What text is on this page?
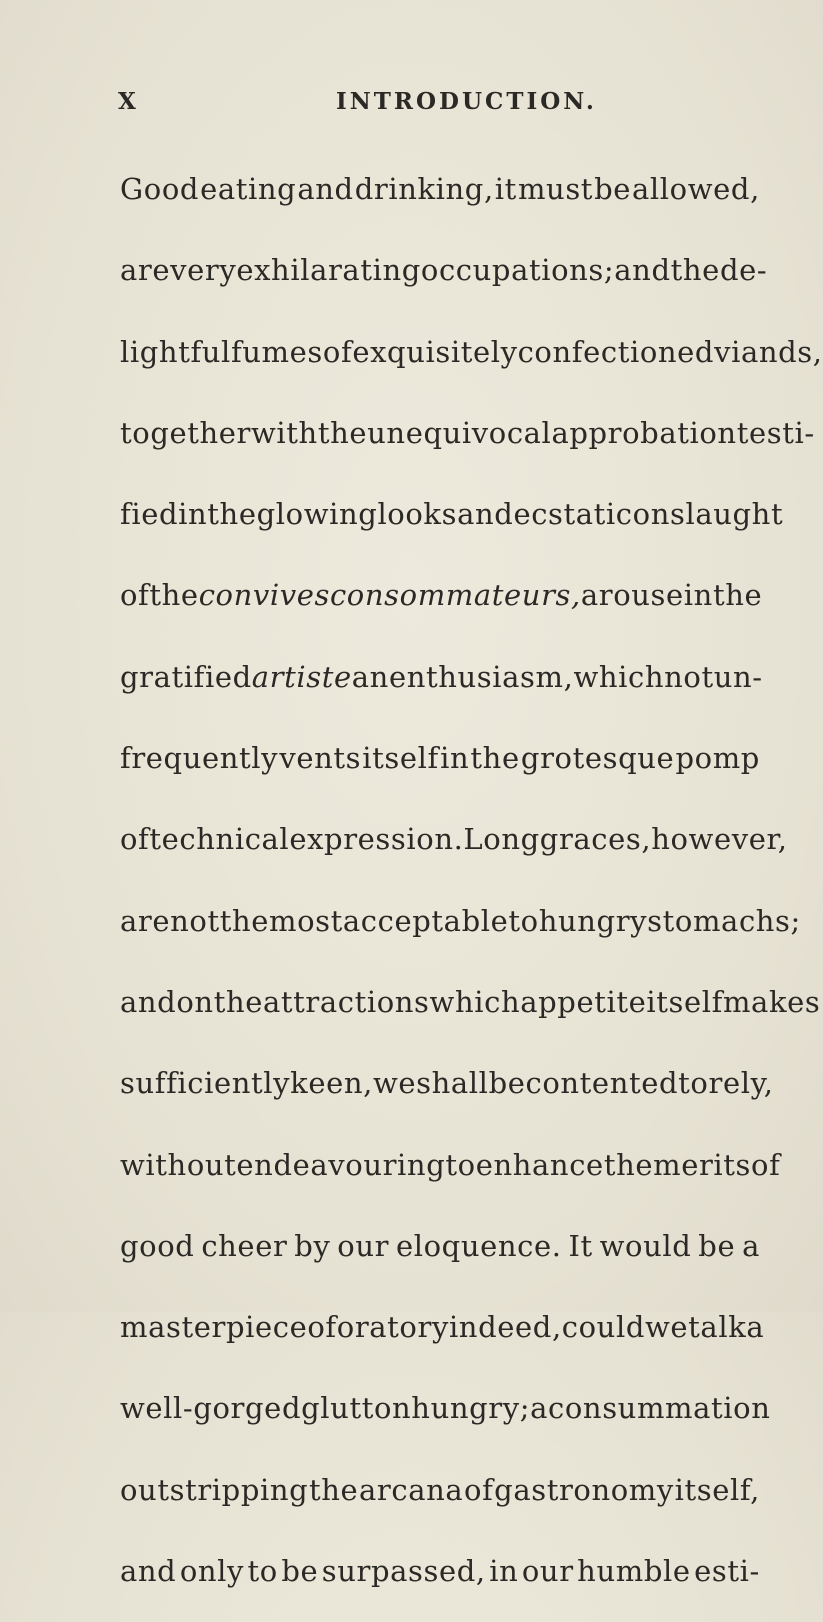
X	INTRODUCTION.
Good eating and drinking, it must be allowed,
are very exhilarating occupations; and the de-
lightful fumes of exquisitely confectioned viands,
together with the unequivocal approbation testi-
fied in the glowing looks and ecstatic onslaught
of the convives consommateurs, arouse in the
gratified artiste an enthusiasm, which not un-
frequently vents itself in the grotesque pomp
of technical expression. Long graces, however,
are not the most acceptable to hungry stomachs ;
and on the attractions which appetite itself makes
sufficiently keen, we shall be contented to rely,
without endeavouring to enhance the merits of
good cheer by our eloquence. It would be a
masterpiece of oratory indeed, could we talk a
well-gorged glutton hungry ; a consummation
outstripping the arcana of gastronomy itself,
and only to be surpassed, in our humble esti-
